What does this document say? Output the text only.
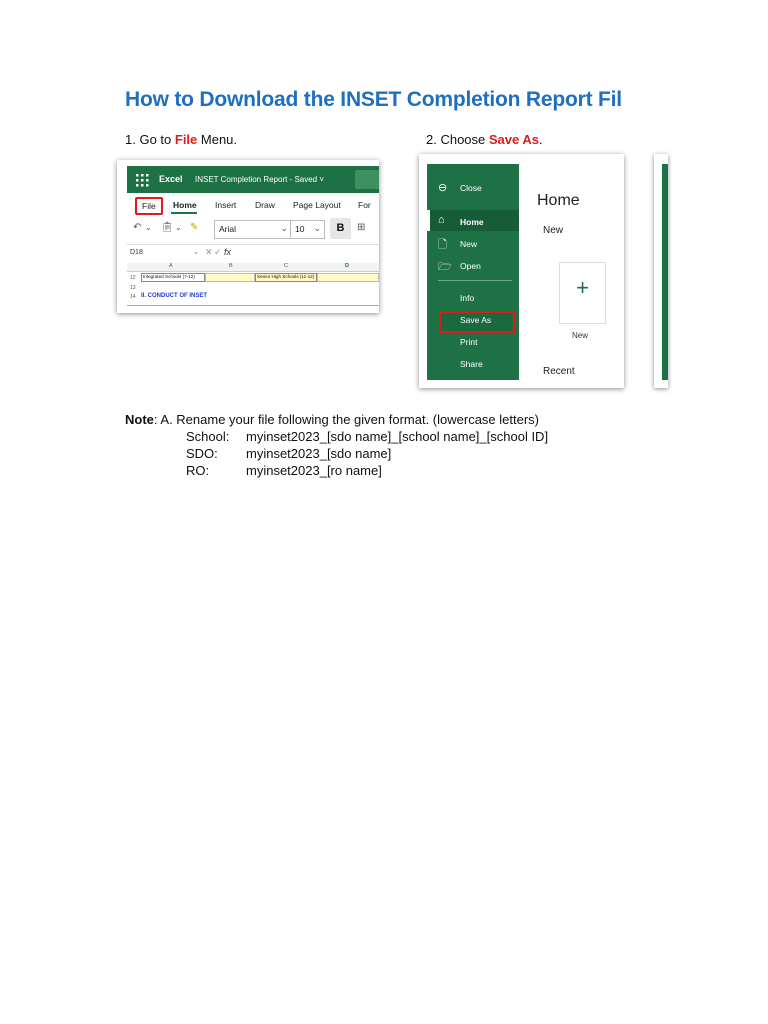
How to Download the INSET Completion Report Fil
1. Go to File Menu.	2. Choose Save As.
Excel INSET Completion Report - Saved ˅
File	Home Insert Draw Page Layout For
↶ ⌄ 📋︎ ⌄ ✎ Arial	⌄ 10 ⌄	B	⊞
D18	⌄ ✕ ✓ fx
A	B	C	D
12
13
14
Integrated Schools (7-12)	Senior High Schools (11-12)
II. CONDUCT OF INSET
⊖ Close
⌂ Home
🗋︎ New
🗁︎ Open
Info
Save As
Print
Share
Home
New
+
New
Recent
Note: A. Rename your file following the given format. (lowercase letters)
School: myinset2023_[sdo name]_[school name]_[school ID]
SDO: myinset2023_[sdo name]
RO:	myinset2023_[ro name]
